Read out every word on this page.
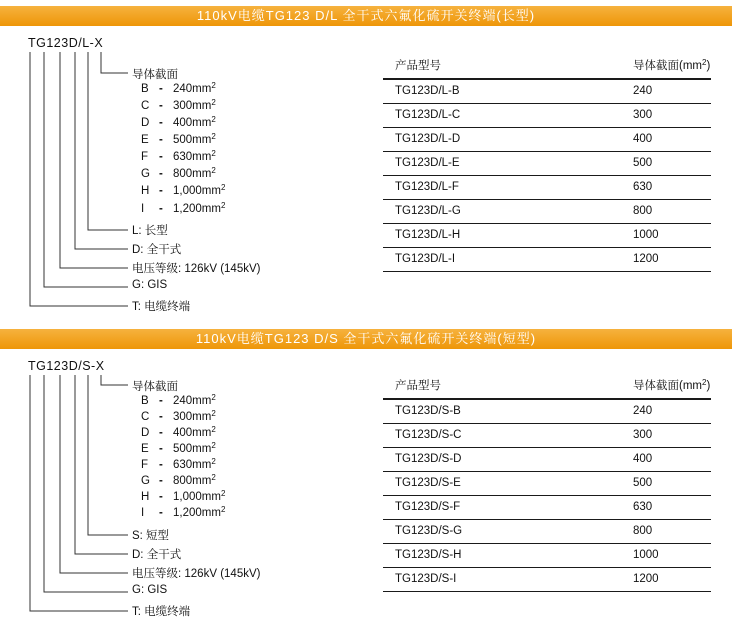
110kV电缆TG123 D/L 全干式六氟化硫开关终端(长型)
TG123D/L-X
导体截面
B - $240mm^2$
C - $300mm^2$
D - $400mm^2$
E - $500mm^2$
F - $630mm^2$
G - $800mm^2$
H - $1,000mm^2$
I	- $1,200mm^2$
L: 长型
D: 全干式
电压等级: 126kV (145kV)
G: GIS
T: 电缆终端
产品型号	导体截面$(mm^2)$
TG123D/L-B	240
TG123D/L-C	300
TG123D/L-D	400
TG123D/L-E	500
TG123D/L-F	630
TG123D/L-G	800
TG123D/L-H	1000
TG123D/L-I	1200
110kV电缆TG123 D/S 全干式六氟化硫开关终端(短型)
TG123D/S-X
导体截面
B - $240mm^2$
C - $300mm^2$
D - $400mm^2$
E - $500mm^2$
F - $630mm^2$
G - $800mm^2$
H - $1,000mm^2$
I	- $1,200mm^2$
S: 短型
D: 全干式
电压等级: 126kV (145kV)
G: GIS
T: 电缆终端
产品型号	导体截面$(mm^2)$
TG123D/S-B	240
TG123D/S-C	300
TG123D/S-D	400
TG123D/S-E	500
TG123D/S-F	630
TG123D/S-G	800
TG123D/S-H	1000
TG123D/S-I	1200
